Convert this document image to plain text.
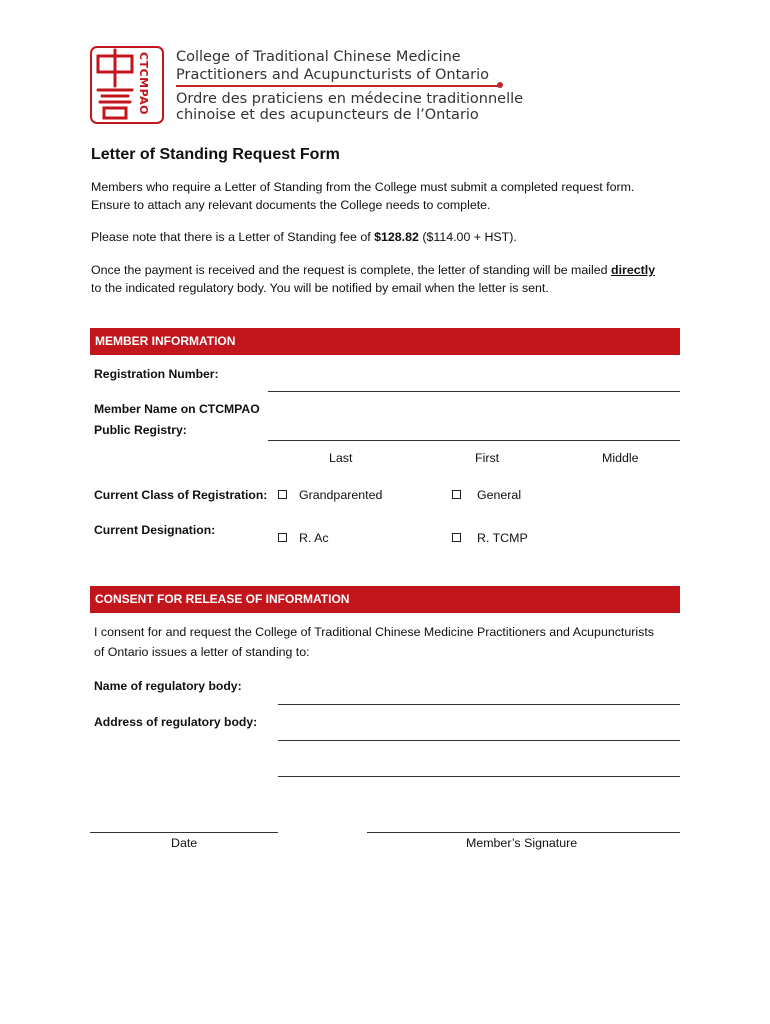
CTCMPAO College of Traditional Chinese Medicine
Practitioners and Acupuncturists of Ontario
Ordre des praticiens en médecine traditionnelle
chinoise et des acupuncteurs de l’Ontario
Letter of Standing Request Form

Members who require a Letter of Standing from the College must submit a completed request form.
Ensure to attach any relevant documents the College needs to complete.

Please note that there is a Letter of Standing fee of $128.82 ($114.00 + HST).

Once the payment is received and the request is complete, the letter of standing will be mailed directly
to the indicated regulatory body. You will be notified by email when the letter is sent.

MEMBER INFORMATION
Registration Number:
Member Name on CTCMPAO
Public Registry:
Last	First	Middle
Current Class of Registration:	Grandparented	General
Current Designation:
R. Ac	R. TCMP
CONSENT FOR RELEASE OF INFORMATION

I consent for and request the College of Traditional Chinese Medicine Practitioners and Acupuncturists
of Ontario issues a letter of standing to:

Name of regulatory body:
Address of regulatory body:
Date	Member’s Signature
